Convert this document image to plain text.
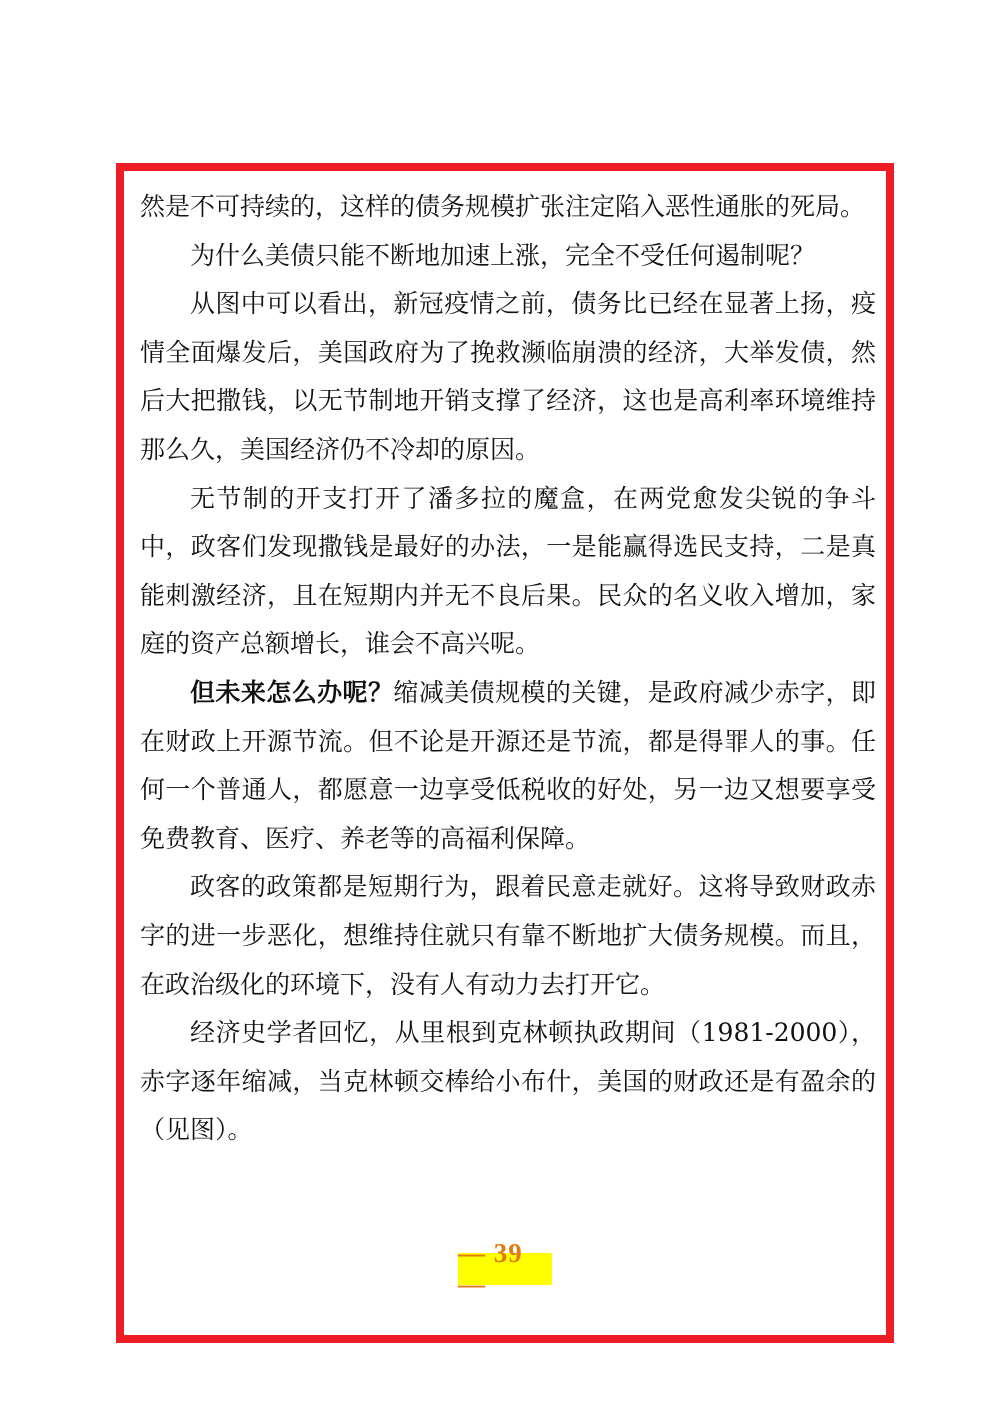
然是不可持续的，这样的债务规模扩张注定陷入恶性通胀的死局。

为什么美债只能不断地加速上涨，完全不受任何遏制呢？

从图中可以看出，新冠疫情之前，债务比已经在显著上扬，疫情全面爆发后，美国政府为了挽救濒临崩溃的经济，大举发债，然后大把撒钱，以无节制地开销支撑了经济，这也是高利率环境维持那么久，美国经济仍不冷却的原因。

无节制的开支打开了潘多拉的魔盒，在两党愈发尖锐的争斗中，政客们发现撒钱是最好的办法，一是能赢得选民支持，二是真能刺激经济，且在短期内并无不良后果。民众的名义收入增加，家庭的资产总额增长，谁会不高兴呢。

但未来怎么办呢？缩减美债规模的关键，是政府减少赤字，即在财政上开源节流。但不论是开源还是节流，都是得罪人的事。任何一个普通人，都愿意一边享受低税收的好处，另一边又想要享受免费教育、医疗、养老等的高福利保障。

政客的政策都是短期行为，跟着民意走就好。这将导致财政赤字的进一步恶化，想维持住就只有靠不断地扩大债务规模。而且，在政治级化的环境下，没有人有动力去打开它。

经济史学者回忆，从里根到克林顿执政期间（1981-2000），赤字逐年缩减，当克林顿交棒给小布什，美国的财政还是有盈余的（见图）。

— 39 —
